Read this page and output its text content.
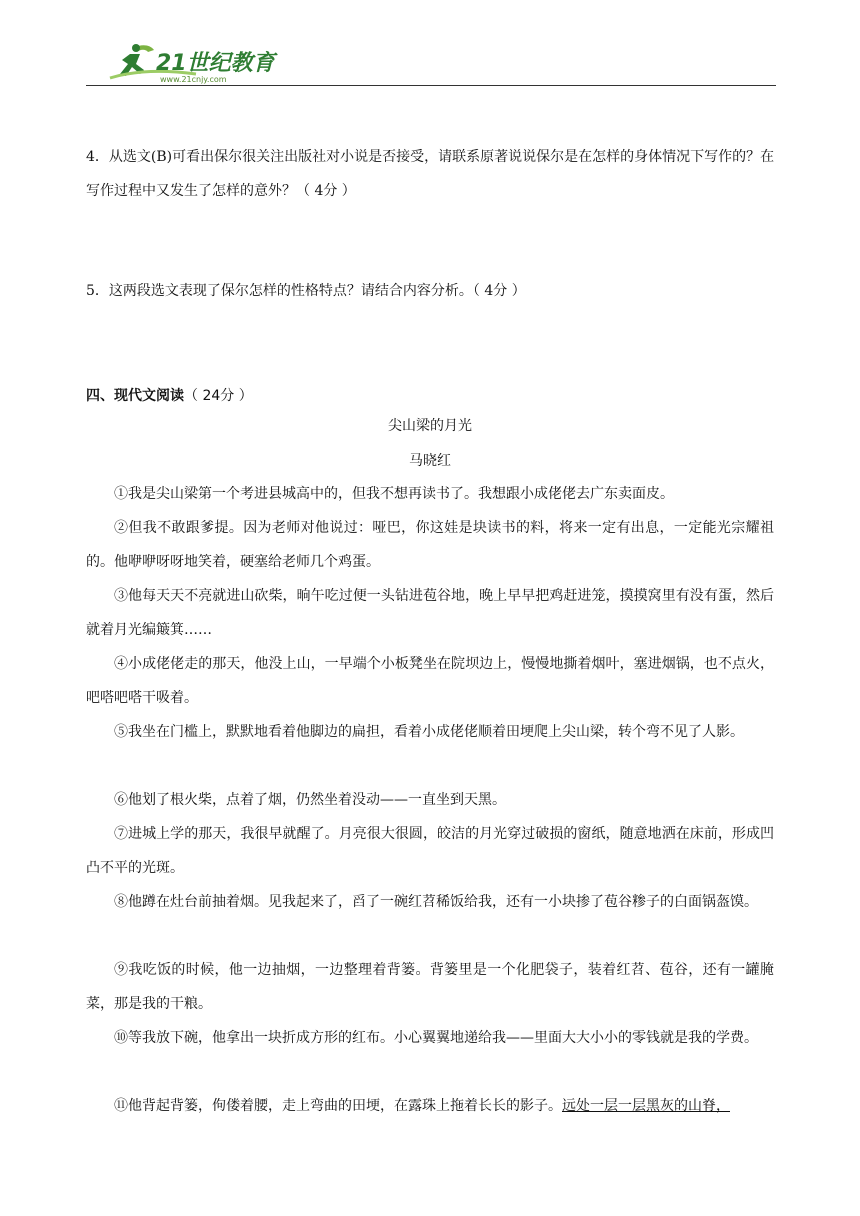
21世纪教育
www.21cnjy.com
4．从选文(B)可看出保尔很关注出版社对小说是否接受，请联系原著说说保尔是在怎样的身体情况下写作的？在写作过程中又发生了怎样的意外？（ 4分 ）
5．这两段选文表现了保尔怎样的性格特点？请结合内容分析。（ 4分 ）
四、现代文阅读（ 24分 ）
尖山梁的月光
马晓红
①我是尖山梁第一个考进县城高中的，但我不想再读书了。我想跟小成佬佬去广东卖面皮。
②但我不敢跟爹提。因为老师对他说过：哑巴，你这娃是块读书的料，将来一定有出息，一定能光宗耀祖的。他咿咿呀呀地笑着，硬塞给老师几个鸡蛋。
③他每天天不亮就进山砍柴，晌午吃过便一头钻进苞谷地，晚上早早把鸡赶进笼，摸摸窝里有没有蛋，然后就着月光编簸箕……
④小成佬佬走的那天，他没上山，一早端个小板凳坐在院坝边上，慢慢地撕着烟叶，塞进烟锅，也不点火，吧嗒吧嗒干吸着。
⑤我坐在门槛上，默默地看着他脚边的扁担，看着小成佬佬顺着田埂爬上尖山梁，转个弯不见了人影。
⑥他划了根火柴，点着了烟，仍然坐着没动——一直坐到天黑。
⑦进城上学的那天，我很早就醒了。月亮很大很圆，皎洁的月光穿过破损的窗纸，随意地洒在床前，形成凹凸不平的光斑。
⑧他蹲在灶台前抽着烟。见我起来了，舀了一碗红苕稀饭给我，还有一小块掺了苞谷糁子的白面锅盔馍。
⑨我吃饭的时候，他一边抽烟，一边整理着背篓。背篓里是一个化肥袋子，装着红苕、苞谷，还有一罐腌菜，那是我的干粮。
⑩等我放下碗，他拿出一块折成方形的红布。小心翼翼地递给我——里面大大小小的零钱就是我的学费。
⑪他背起背篓，佝偻着腰，走上弯曲的田埂，在露珠上拖着长长的影子。远处一层一层黑灰的山脊，
